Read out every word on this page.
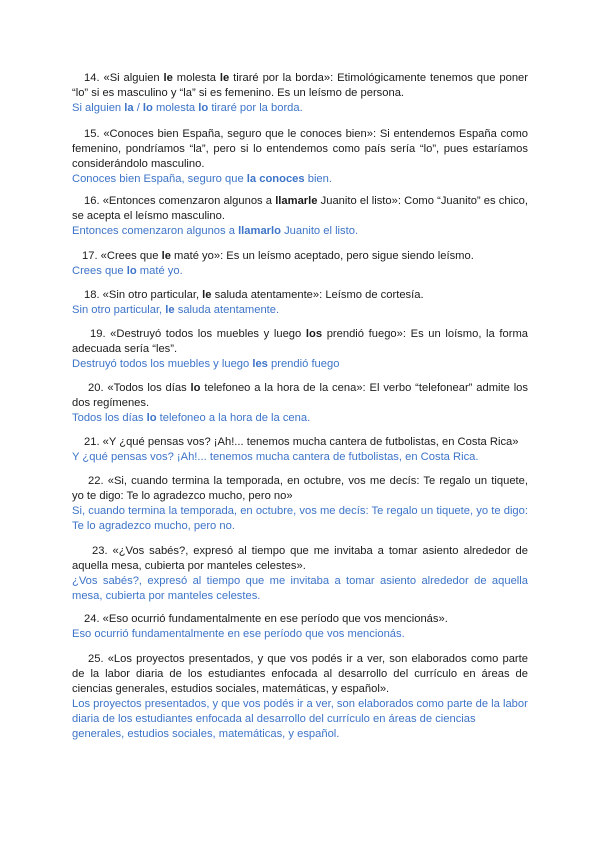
14. «Si alguien le molesta le tiraré por la borda»: Etimológicamente tenemos que poner “lo” si es masculino y “la” si es femenino. Es un leísmo de persona.

Si alguien la / lo molesta lo tiraré por la borda.

15. «Conoces bien España, seguro que le conoces bien»: Si entendemos España como femenino, pondríamos “la”, pero si lo entendemos como país sería “lo”, pues estaríamos considerándolo masculino.

Conoces bien España, seguro que la conoces bien.

16. «Entonces comenzaron algunos a llamarle Juanito el listo»: Como “Juanito” es chico, se acepta el leísmo masculino.

Entonces comenzaron algunos a llamarlo Juanito el listo.

17. «Crees que le maté yo»: Es un leísmo aceptado, pero sigue siendo leísmo.

Crees que lo maté yo.

18. «Sin otro particular, le saluda atentamente»: Leísmo de cortesía.

Sin otro particular, le saluda atentamente.

19. «Destruyó todos los muebles y luego los prendió fuego»: Es un loísmo, la forma adecuada sería “les”.

Destruyó todos los muebles y luego les prendió fuego

20. «Todos los días lo telefoneo a la hora de la cena»: El verbo “telefonear” admite los dos regímenes.

Todos los días lo telefoneo a la hora de la cena.

21. «Y ¿qué pensas vos? ¡Ah!... tenemos mucha cantera de futbolistas, en Costa Rica»

Y ¿qué pensas vos? ¡Ah!... tenemos mucha cantera de futbolistas, en Costa Rica.

22. «Si, cuando termina la temporada, en octubre, vos me decís: Te regalo un tiquete, yo te digo: Te lo agradezco mucho, pero no»

Si, cuando termina la temporada, en octubre, vos me decís: Te regalo un tiquete, yo te digo: Te lo agradezco mucho, pero no.

23. «¿Vos sabés?, expresó al tiempo que me invitaba a tomar asiento alrededor de aquella mesa, cubierta por manteles celestes».

¿Vos sabés?, expresó al tiempo que me invitaba a tomar asiento alrededor de aquella mesa, cubierta por manteles celestes.

24. «Eso ocurrió fundamentalmente en ese período que vos mencionás».

Eso ocurrió fundamentalmente en ese período que vos mencionás.

25. «Los proyectos presentados, y que vos podés ir a ver, son elaborados como parte de la labor diaria de los estudiantes enfocada al desarrollo del currículo en áreas de ciencias generales, estudios sociales, matemáticas, y español».

Los proyectos presentados, y que vos podés ir a ver, son elaborados como parte de la labor diaria de los estudiantes enfocada al desarrollo del currículo en áreas de ciencias generales, estudios sociales, matemáticas, y español.
